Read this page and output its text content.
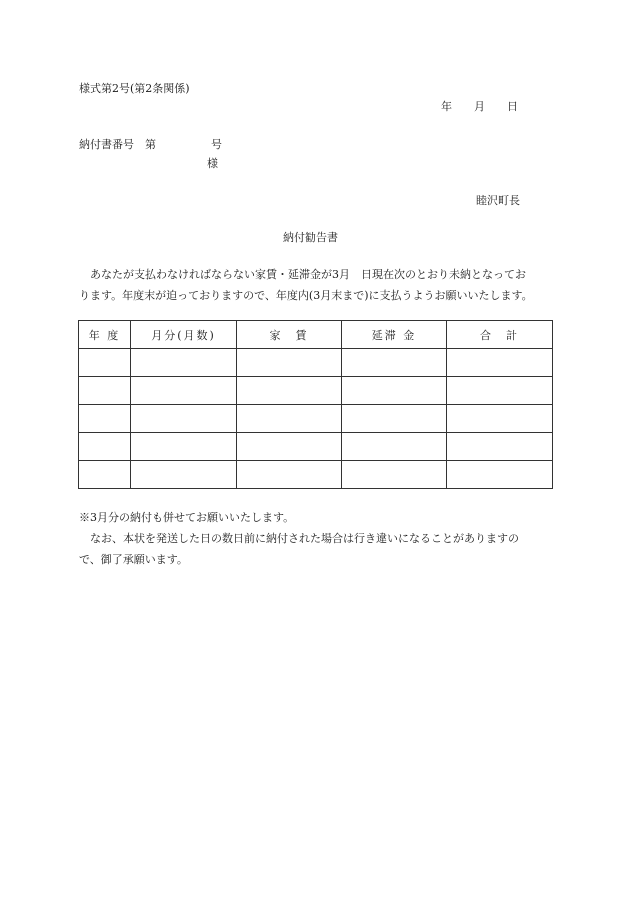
様式第2号(第2条関係)
年　　月　　日
納付書番号　第　　　　　号
様
睦沢町長
納付勧告書
　あなたが支払わなければならない家賃・延滞金が3月　日現在次のとおり未納となってお
ります。年度末が迫っておりますので、年度内(3月末まで)に支払うようお願いいたします。
年 度	月分(月数)	家　賃	延滞 金	合　計

※3月分の納付も併せてお願いいたします。
　なお、本状を発送した日の数日前に納付された場合は行き違いになることがありますの
で、御了承願います。
